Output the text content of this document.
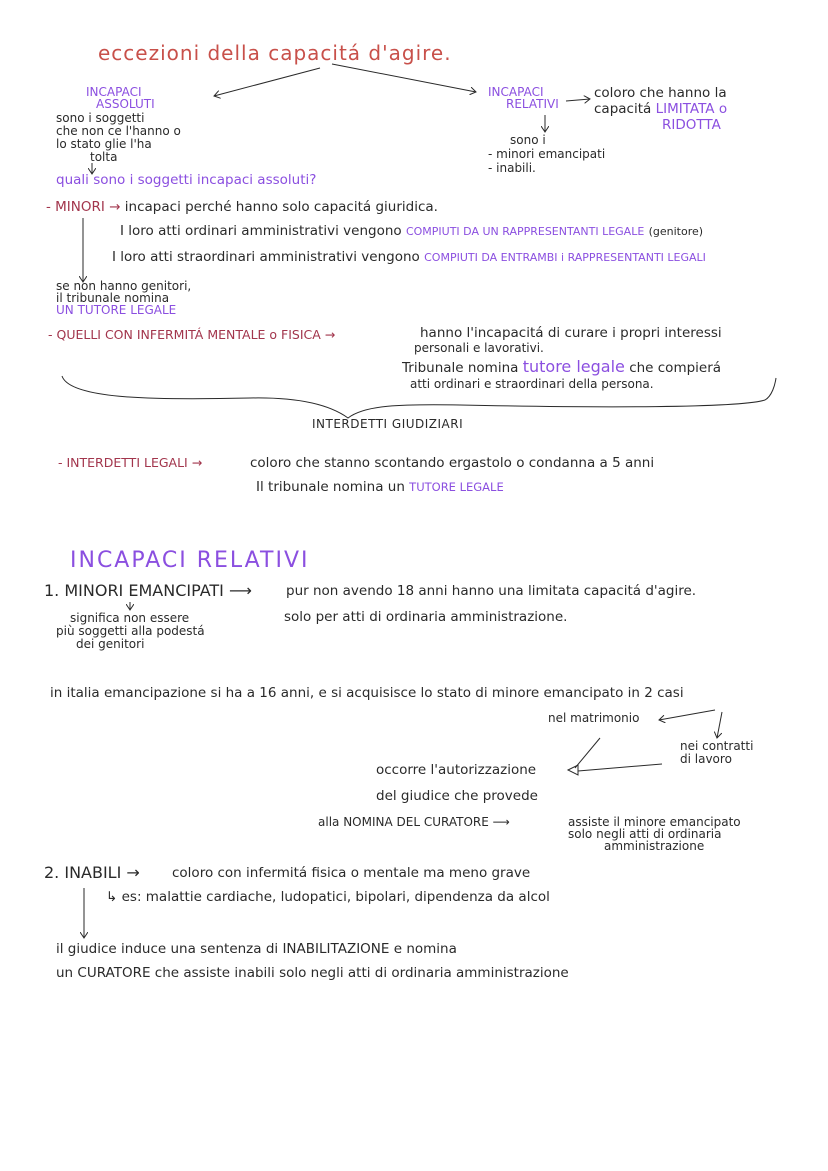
eccezioni della capacitá d'agire.
INCAPACI
ASSOLUTI
sono i soggetti
che non ce l'hanno o
lo stato glie l'ha
tolta
quali sono i soggetti incapaci assoluti?
INCAPACI
RELATIVI
coloro che hanno la
capacitá LIMITATA o
RIDOTTA
sono i
- minori emancipati
- inabili.
- MINORI → incapaci perché hanno solo capacitá giuridica.
I loro atti ordinari amministrativi vengono COMPIUTI DA UN RAPPRESENTANTI LEGALE (genitore)
I loro atti straordinari amministrativi vengono COMPIUTI DA ENTRAMBI i RAPPRESENTANTI LEGALI
se non hanno genitori,
il tribunale nomina
UN TUTORE LEGALE
- QUELLI CON INFERMITÁ MENTALE o FISICA →	hanno l'incapacitá di curare i propri interessi
personali e lavorativi.
Tribunale nomina tutore legale che compierá
atti ordinari e straordinari della persona.
INTERDETTI GIUDIZIARI
- INTERDETTI LEGALI →	coloro che stanno scontando ergastolo o condanna a 5 anni
Il tribunale nomina un TUTORE LEGALE
INCAPACI RELATIVI
1. MINORI EMANCIPATI ⟶	pur non avendo 18 anni hanno una limitata capacitá d'agire.
solo per atti di ordinaria amministrazione.
significa non essere
più soggetti alla podestá
dei genitori
in italia emancipazione si ha a 16 anni, e si acquisisce lo stato di minore emancipato in 2 casi
nel matrimonio
nei contratti
di lavoro
occorre l'autorizzazione
del giudice che provede
alla NOMINA DEL CURATORE ⟶	assiste il minore emancipato
solo negli atti di ordinaria
amministrazione
2. INABILI → coloro con infermitá fisica o mentale ma meno grave
↳ es: malattie cardiache, ludopatici, bipolari, dipendenza da alcol
il giudice induce una sentenza di INABILITAZIONE e nomina
un CURATORE che assiste inabili solo negli atti di ordinaria amministrazione
